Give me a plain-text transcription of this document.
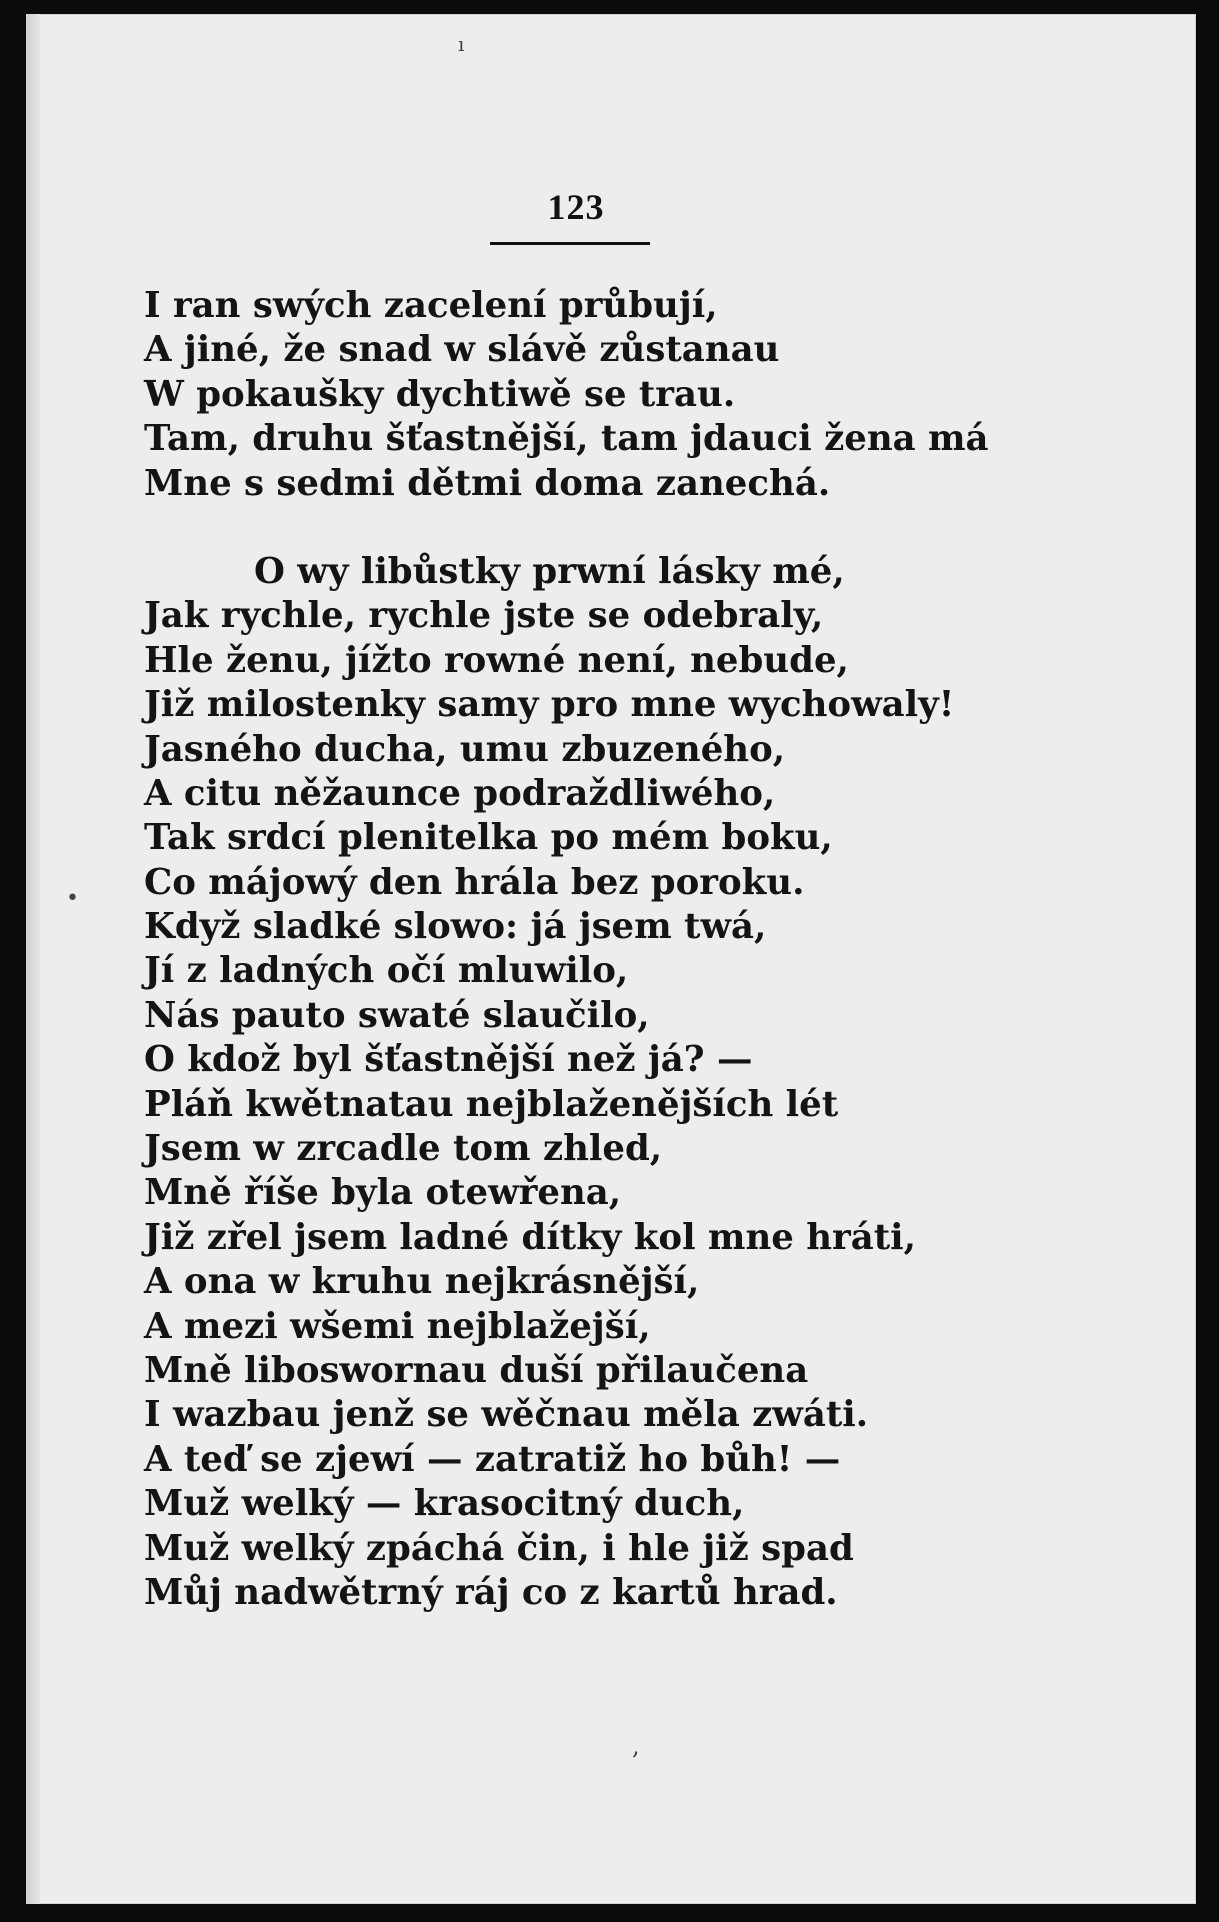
ı
•
,
123
I ran swých zacelení průbují,
A jiné, že snad w slávě zůstanau
W pokaušky dychtiwě se trau.
Tam, druhu šťastnější, tam jdauci žena má
Mne s sedmi dětmi doma zanechá.
O wy libůstky prwní lásky mé,
Jak rychle, rychle jste se odebraly,
Hle ženu, jížto rowné není, nebude,
Již milostenky samy pro mne wychowaly!
Jasného ducha, umu zbuzeného,
A citu něžaunce podraždliwého,
Tak srdcí plenitelka po mém boku,
Co májowý den hrála bez poroku.
Když sladké slowo: já jsem twá,
Jí z ladných očí mluwilo,
Nás pauto swaté slaučilo,
O kdož byl šťastnější než já? —
Pláň kwětnatau nejblaženějších lét
Jsem w zrcadle tom zhled,
Mně říše byla otewřena,
Již zřel jsem ladné dítky kol mne hráti,
A ona w kruhu nejkrásnější,
A mezi wšemi nejblažejší,
Mně liboswornau duší přilaučena
I wazbau jenž se wěčnau měla zwáti.
A teď se zjewí — zatratiž ho bůh! —
Muž welký — krasocitný duch,
Muž welký zpáchá čin, i hle již spad
Můj nadwětrný ráj co z kartů hrad.
